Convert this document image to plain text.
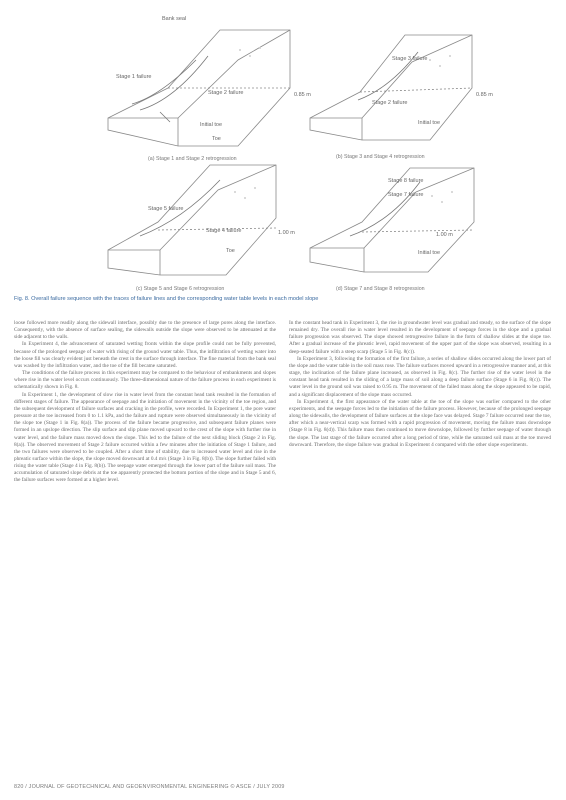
Bank seal
Stage 1 failure
Stage 2 failure
Initial toe
0.85 m
Toe
(a) Stage 1 and Stage 2 retrogression
Stage 3 failure
Stage 2 failure
Initial toe
0.85 m
(b) Stage 3 and Stage 4 retrogression
Stage 5 failure
Stage 4 failure
Toe
1.00 m
(c) Stage 5 and Stage 6 retrogression
Stage 8 failure
Stage 7 failure
Initial toe
1.00 m
(d) Stage 7 and Stage 8 retrogression
Fig. 8. Overall failure sequence with the traces of failure lines and the corresponding water table levels in each model slope

loose followed more readily along the sidewall interface, possibly due to the presence of large pores along the interface. Consequently, with the absence of surface sealing, the sidewalls outside the slope were observed to be attenuated at the side adjacent to the walls.

In Experiment 4, the advancement of saturated wetting fronts within the slope profile could not be fully prevented, because of the prolonged seepage of water with rising of the ground water table. Thus, the infiltration of wetting water into the loose fill was clearly evident just beneath the crest in the surface through interface. The fine material from the bank seal was washed by the infiltration water, and the toe of the fill became saturated.

The conditions of the failure process in this experiment may be compared to the behaviour of embankments and slopes where rise in the water level occurs continuously. The three-dimensional nature of the failure process in each experiment is schematically shown in Fig. 8.

In Experiment 1, the development of slow rise in water level from the constant head tank resulted in the formation of different stages of failure. The appearance of seepage and the initiation of movement in the vicinity of the toe region, and the subsequent development of failure surfaces and cracking in the profile, were recorded. In Experiment 1, the pore water pressure at the toe increased from 0 to 1.1 kPa, and the failure and rupture were observed simultaneously in the vicinity of the slope toe (Stage 1 in Fig. 8(a)). The process of the failure became progressive, and subsequent failure planes were formed in an upslope direction. The slip surface and slip plane moved upward to the crest of the slope with further rise in water level, and the failure mass moved down the slope. This led to the failure of the next sliding block (Stage 2 in Fig. 8(a)). The observed movement of Stage 2 failure occurred within a few minutes after the initiation of Stage 1 failure, and the two failures were observed to be coupled. After a short time of stability, due to increased water level and rise in the phreatic surface within the slope, the slope moved downward at 0.4 m/s (Stage 3 in Fig. 8(b)). The slope further failed with rising the water table (Stage 4 in Fig. 8(b)). The seepage water emerged through the lower part of the failure soil mass. The accumulation of saturated slope debris at the toe apparently protected the bottom portion of the slope and in Stage 5 and 6, the failure surfaces were formed at a higher level.

In the constant head tank in Experiment 3, the rise in groundwater level was gradual and steady, so the surface of the slope remained dry. The overall rise in water level resulted in the development of seepage forces in the slope and a gradual failure progression was observed. The slope showed retrogressive failure in the form of shallow slides at the slope toe. After a gradual increase of the phreatic level, rapid movement of the upper part of the slope was observed, resulting in a deep-seated failure with a steep scarp (Stage 5 in Fig. 8(c)).

In Experiment 3, following the formation of the first failure, a series of shallow slides occurred along the lower part of the slope and the water table in the soil mass rose. The failure surfaces moved upward in a retrogressive manner and, at this stage, the inclination of the failure plane increased, as observed in Fig. 8(c). The further rise of the water level in the constant head tank resulted in the sliding of a large mass of soil along a deep failure surface (Stage 6 in Fig. 8(c)). The water level in the ground soil was raised to 0.95 m. The movement of the failed mass along the slope appeared to be rapid, and a significant displacement of the slope mass occurred.

In Experiment 4, the first appearance of the water table at the toe of the slope was earlier compared to the other experiments, and the seepage forces led to the initiation of the failure process. However, because of the prolonged seepage along the sidewalls, the development of failure surfaces at the slope face was delayed. Stage 7 failure occurred near the toe, after which a near-vertical scarp was formed with a rapid progression of movement, moving the failure mass downslope (Stage 8 in Fig. 8(d)). This failure mass then continued to move downslope, followed by further seepage of water through the slope. The last stage of the failure occurred after a long period of time, while the saturated soil mass at the toe moved downward. Therefore, the slope failure was gradual in Experiment 4 compared with the other slope experiments.

820 / JOURNAL OF GEOTECHNICAL AND GEOENVIRONMENTAL ENGINEERING © ASCE / JULY 2009
